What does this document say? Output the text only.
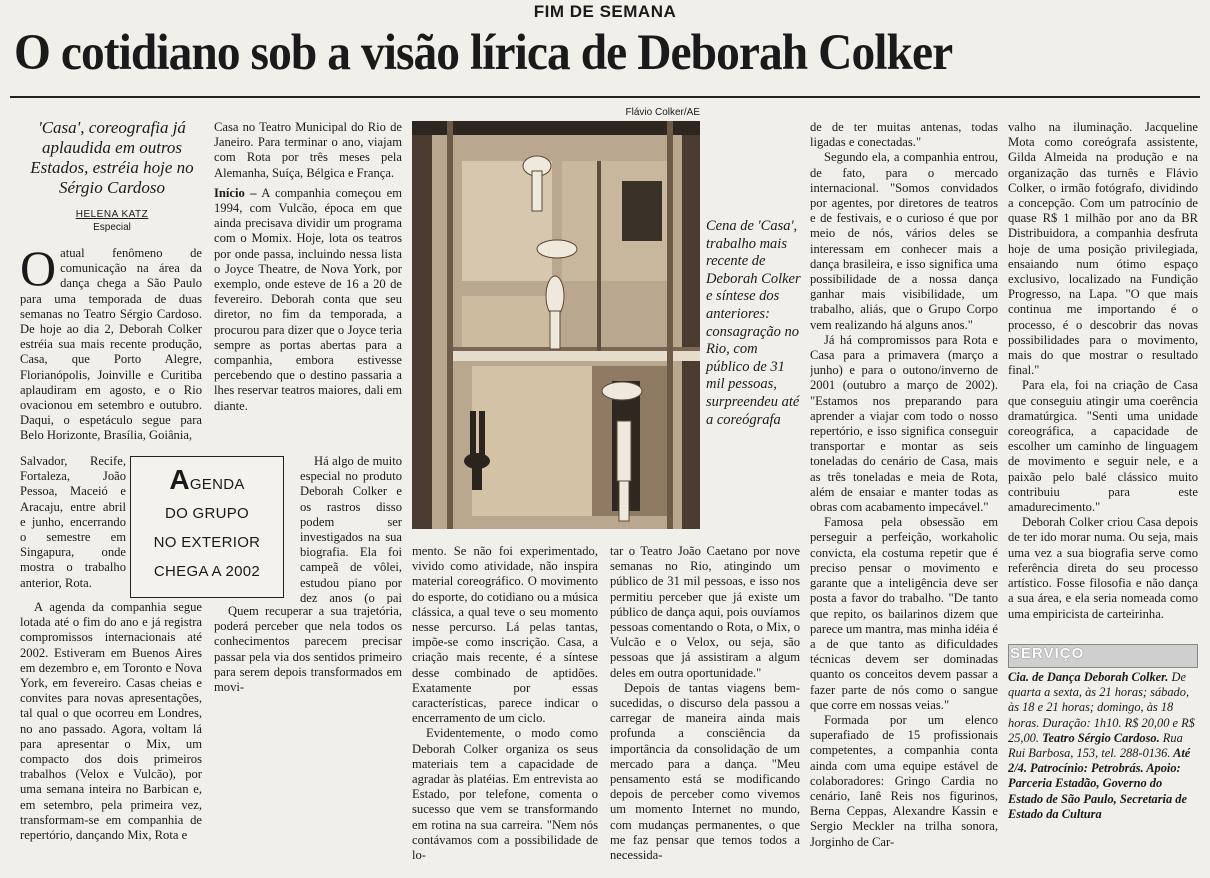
FIM DE SEMANA
O cotidiano sob a visão lírica de Deborah Colker
'Casa', coreografia já aplaudida em outros Estados, estréia hoje no Sérgio Cardoso
HELENA KATZ
Especial
O atual fenômeno de comunicação na área da dança chega a São Paulo para uma temporada de duas semanas no Teatro Sérgio Cardoso. De hoje ao dia 2, Deborah Colker estréia sua mais recente produção, Casa, que Porto Alegre, Florianópolis, Joinville e Curitiba aplaudiram em agosto, e o Rio ovacionou em setembro e outubro. Daqui, o espetáculo segue para Belo Horizonte, Brasília, Goiânia,

Salvador, Recife, Fortaleza, João Pessoa, Maceió e Aracaju, entre abril e junho, encerrando o semestre em Singapura, onde mostra o trabalho anterior, Rota.

A agenda da companhia segue lotada até o fim do ano e já registra compromissos internacionais até 2002. Estiveram em Buenos Aires em dezembro e, em Toronto e Nova York, em fevereiro. Casas cheias e convites para novas apresentações, tal qual o que ocorreu em Londres, no ano passado. Agora, voltam lá para apresentar o Mix, um compacto dos dois primeiros trabalhos (Velox e Vulcão), por uma semana inteira no Barbican e, em setembro, pela primeira vez, transformam-se em companhia de repertório, dançando Mix, Rota e

AGENDA
DO GRUPO
NO EXTERIOR
CHEGA A 2002

Casa no Teatro Municipal do Rio de Janeiro. Para terminar o ano, viajam com Rota por três meses pela Alemanha, Suíça, Bélgica e França.

Início – A companhia começou em 1994, com Vulcão, época em que ainda precisava dividir um programa com o Momix. Hoje, lota os teatros por onde passa, incluindo nessa lista o Joyce Theatre, de Nova York, por exemplo, onde esteve de 16 a 20 de fevereiro. Deborah conta que seu diretor, no fim da temporada, a procurou para dizer que o Joyce teria sempre as portas abertas para a companhia, embora estivesse percebendo que o destino passaria a lhes reservar teatros maiores, dali em diante.

Há algo de muito especial no produto Deborah Colker e os rastros disso podem ser investigados na sua biografia. Ela foi campeã de vôlei, estudou piano por dez anos (o pai

Quem recuperar a sua trajetória, poderá perceber que nela todos os conhecimentos parecem precisar passar pela via dos sentidos primeiro para serem depois transformados em movi-

Flávio Colker/AE
Cena de 'Casa', trabalho mais recente de Deborah Colker e síntese dos anteriores: consagração no Rio, com público de 31 mil pessoas, surpreendeu até a coreógrafa

mento. Se não foi experimentado, vivido como atividade, não inspira material coreográfico. O movimento do esporte, do cotidiano ou a música clássica, a qual teve o seu momento nesse percurso. Lá pelas tantas, impõe-se como inscrição. Casa, a criação mais recente, é a síntese desse combinado de aptidões. Exatamente por essas características, parece indicar o encerramento de um ciclo.

Evidentemente, o modo como Deborah Colker organiza os seus materiais tem a capacidade de agradar às platéias. Em entrevista ao Estado, por telefone, comenta o sucesso que vem se transformando em rotina na sua carreira. "Nem nós contávamos com a possibilidade de lo-

tar o Teatro João Caetano por nove semanas no Rio, atingindo um público de 31 mil pessoas, e isso nos permitiu perceber que já existe um público de dança aqui, pois ouvíamos pessoas comentando o Rota, o Mix, o Vulcão e o Velox, ou seja, são pessoas que já assistiram a algum deles em outra oportunidade."

Depois de tantas viagens bem-sucedidas, o discurso dela passou a carregar de maneira ainda mais profunda a consciência da importância da consolidação de um mercado para a dança. "Meu pensamento está se modificando depois de perceber como vivemos um momento Internet no mundo, com mudanças permanentes, o que me faz pensar que temos todos a necessida-

de de ter muitas antenas, todas ligadas e conectadas."

Segundo ela, a companhia entrou, de fato, para o mercado internacional. "Somos convidados por agentes, por diretores de teatros e de festivais, e o curioso é que por meio de nós, vários deles se interessam em conhecer mais a dança brasileira, e isso significa uma possibilidade de a nossa dança ganhar mais visibilidade, um trabalho, aliás, que o Grupo Corpo vem realizando há alguns anos."

Já há compromissos para Rota e Casa para a primavera (março a junho) e para o outono/inverno de 2001 (outubro a março de 2002). "Estamos nos preparando para aprender a viajar com todo o nosso repertório, e isso significa conseguir transportar e montar as seis toneladas do cenário de Casa, mais as três toneladas e meia de Rota, além de ensaiar e manter todas as obras com acabamento impecável."

Famosa pela obsessão em perseguir a perfeição, workaholic convicta, ela costuma repetir que é preciso pensar o movimento e garante que a inteligência deve ser posta a favor do trabalho. "De tanto que repito, os bailarinos dizem que parece um mantra, mas minha idéia é a de que tanto as dificuldades técnicas devem ser dominadas quanto os conceitos devem passar a fazer parte de nós como o sangue que corre em nossas veias."

Formada por um elenco superafiado de 15 profissionais competentes, a companhia conta ainda com uma equipe estável de colaboradores: Gringo Cardia no cenário, Ianê Reis nos figurinos, Berna Ceppas, Alexandre Kassin e Sergio Meckler na trilha sonora, Jorginho de Car-

valho na iluminação. Jacqueline Mota como coreógrafa assistente, Gilda Almeida na produção e na organização das turnês e Flávio Colker, o irmão fotógrafo, dividindo a concepção. Com um patrocínio de quase R$ 1 milhão por ano da BR Distribuidora, a companhia desfruta hoje de uma posição privilegiada, ensaiando num ótimo espaço exclusivo, localizado na Fundição Progresso, na Lapa. "O que mais continua me importando é o processo, é o descobrir das novas possibilidades para o movimento, mais do que mostrar o resultado final."

Para ela, foi na criação de Casa que conseguiu atingir uma coerência dramatúrgica. "Senti uma unidade coreográfica, a capacidade de escolher um caminho de linguagem de movimento e seguir nele, e a paixão pelo balé clássico muito contribuiu para este amadurecimento."

Deborah Colker criou Casa depois de ter ido morar numa. Ou seja, mais uma vez a sua biografia serve como referência direta do seu processo artístico. Fosse filosofia e não dança a sua área, e ela seria nomeada como uma empiricista de carteirinha.

SERVIÇO
Cia. de Dança Deborah Colker. De quarta a sexta, às 21 horas; sábado, às 18 e 21 horas; domingo, às 18 horas. Duração: 1h10. R$ 20,00 e R$ 25,00. Teatro Sérgio Cardoso. Rua Rui Barbosa, 153, tel. 288-0136. Até 2/4. Patrocínio: Petrobrás. Apoio: Parceria Estadão, Governo do Estado de São Paulo, Secretaria de Estado da Cultura
